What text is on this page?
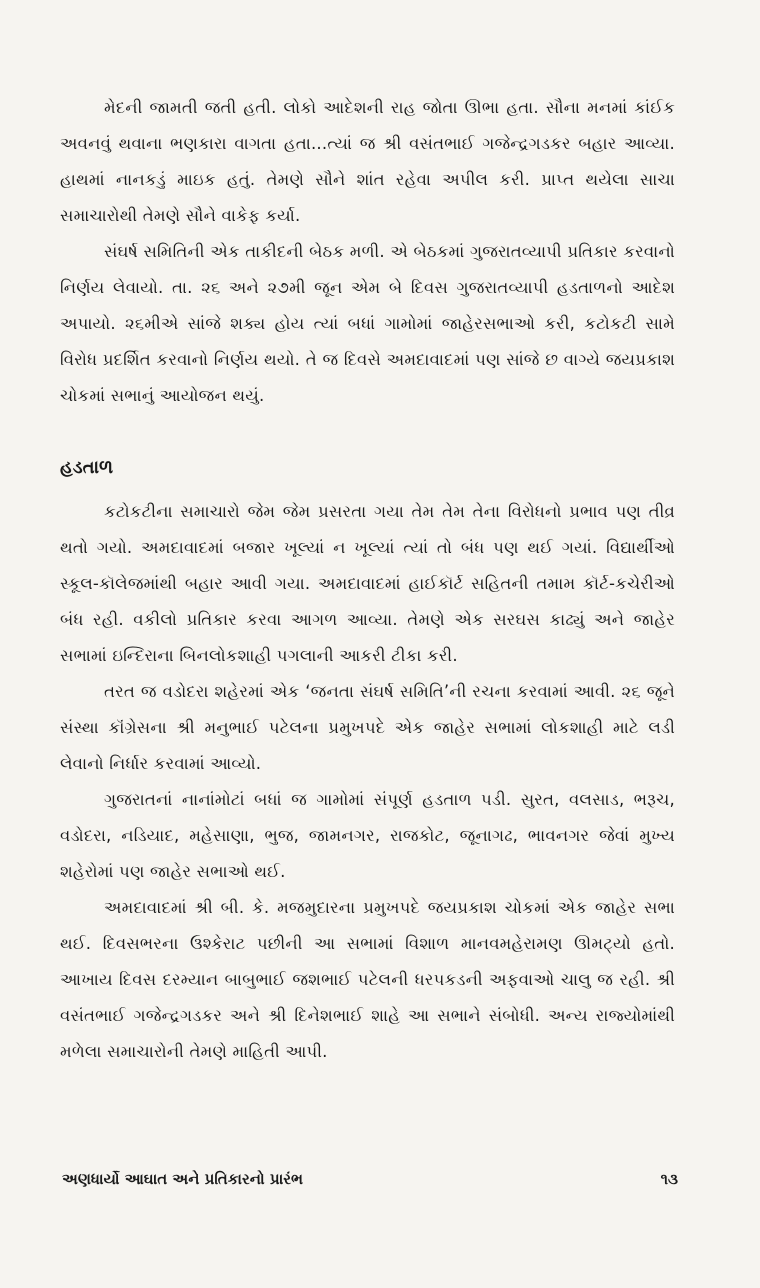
મેદની જામતી જતી હતી. લોકો આદેશની રાહ જોતા ઊભા હતા. સૌના મનમાં કાંઈક અવનવું થવાના ભણકારા વાગતા હતા...ત્યાં જ શ્રી વસંતભાઈ ગજેન્દ્રગડકર બહાર આવ્યા. હાથમાં નાનકડું માઇક હતું. તેમણે સૌને શાંત રહેવા અપીલ કરી. પ્રાપ્ત થયેલા સાચા સમાચારોથી તેમણે સૌને વાકેફ કર્યા.

સંઘર્ષ સમિતિની એક તાકીદની બેઠક મળી. એ બેઠકમાં ગુજરાતવ્યાપી પ્રતિકાર કરવાનો નિર્ણય લેવાયો. તા. ૨૬ અને ૨૭મી જૂન એમ બે દિવસ ગુજરાતવ્યાપી હડતાળનો આદેશ અપાયો. ૨૬મીએ સાંજે શક્ય હોય ત્યાં બધાં ગામોમાં જાહેરસભાઓ કરી, કટોકટી સામે વિરોધ પ્રદર્શિત કરવાનો નિર્ણય થયો. તે જ દિવસે અમદાવાદમાં પણ સાંજે છ વાગ્યે જયપ્રકાશ ચોકમાં સભાનું આયોજન થયું.

હડતાળ

કટોકટીના સમાચારો જેમ જેમ પ્રસરતા ગયા તેમ તેમ તેના વિરોધનો પ્રભાવ પણ તીવ્ર થતો ગયો. અમદાવાદમાં બજાર ખૂલ્યાં ન ખૂલ્યાં ત્યાં તો બંધ પણ થઈ ગયાં. વિદ્યાર્થીઓ સ્કૂલ-કૉલેજમાંથી બહાર આવી ગયા. અમદાવાદમાં હાઈકૉર્ટ સહિતની તમામ કૉર્ટ-કચેરીઓ બંધ રહી. વકીલો પ્રતિકાર કરવા આગળ આવ્યા. તેમણે એક સરઘસ કાઢ્યું અને જાહેર સભામાં ઇન્દિરાના બિનલોકશાહી પગલાની આકરી ટીકા કરી.

તરત જ વડોદરા શહેરમાં એક ‘જનતા સંઘર્ષ સમિતિ’ની રચના કરવામાં આવી. ૨૬ જૂને સંસ્થા કૉંગ્રેસના શ્રી મનુભાઈ પટેલના પ્રમુખપદે એક જાહેર સભામાં લોકશાહી માટે લડી લેવાનો નિર્ધાર કરવામાં આવ્યો.

ગુજરાતનાં નાનાંમોટાં બધાં જ ગામોમાં સંપૂર્ણ હડતાળ પડી. સુરત, વલસાડ, ભરૂચ, વડોદરા, નડિયાદ, મહેસાણા, ભુજ, જામનગર, રાજકોટ, જૂનાગઢ, ભાવનગર જેવાં મુખ્ય શહેરોમાં પણ જાહેર સભાઓ થઈ.

અમદાવાદમાં શ્રી બી. કે. મજમુદારના પ્રમુખપદે જયપ્રકાશ ચોકમાં એક જાહેર સભા થઈ. દિવસભરના ઉશ્કેરાટ પછીની આ સભામાં વિશાળ માનવમહેરામણ ઊમટ્યો હતો. આખાય દિવસ દરમ્યાન બાબુભાઈ જશભાઈ પટેલની ધરપકડની અફવાઓ ચાલુ જ રહી. શ્રી વસંતભાઈ ગજેન્દ્રગડકર અને શ્રી દિનેશભાઈ શાહે આ સભાને સંબોધી. અન્ય રાજ્યોમાંથી મળેલા સમાચારોની તેમણે માહિતી આપી.

અણધાર્યો આઘાત અને પ્રતિકારનો પ્રારંભ	૧૩
